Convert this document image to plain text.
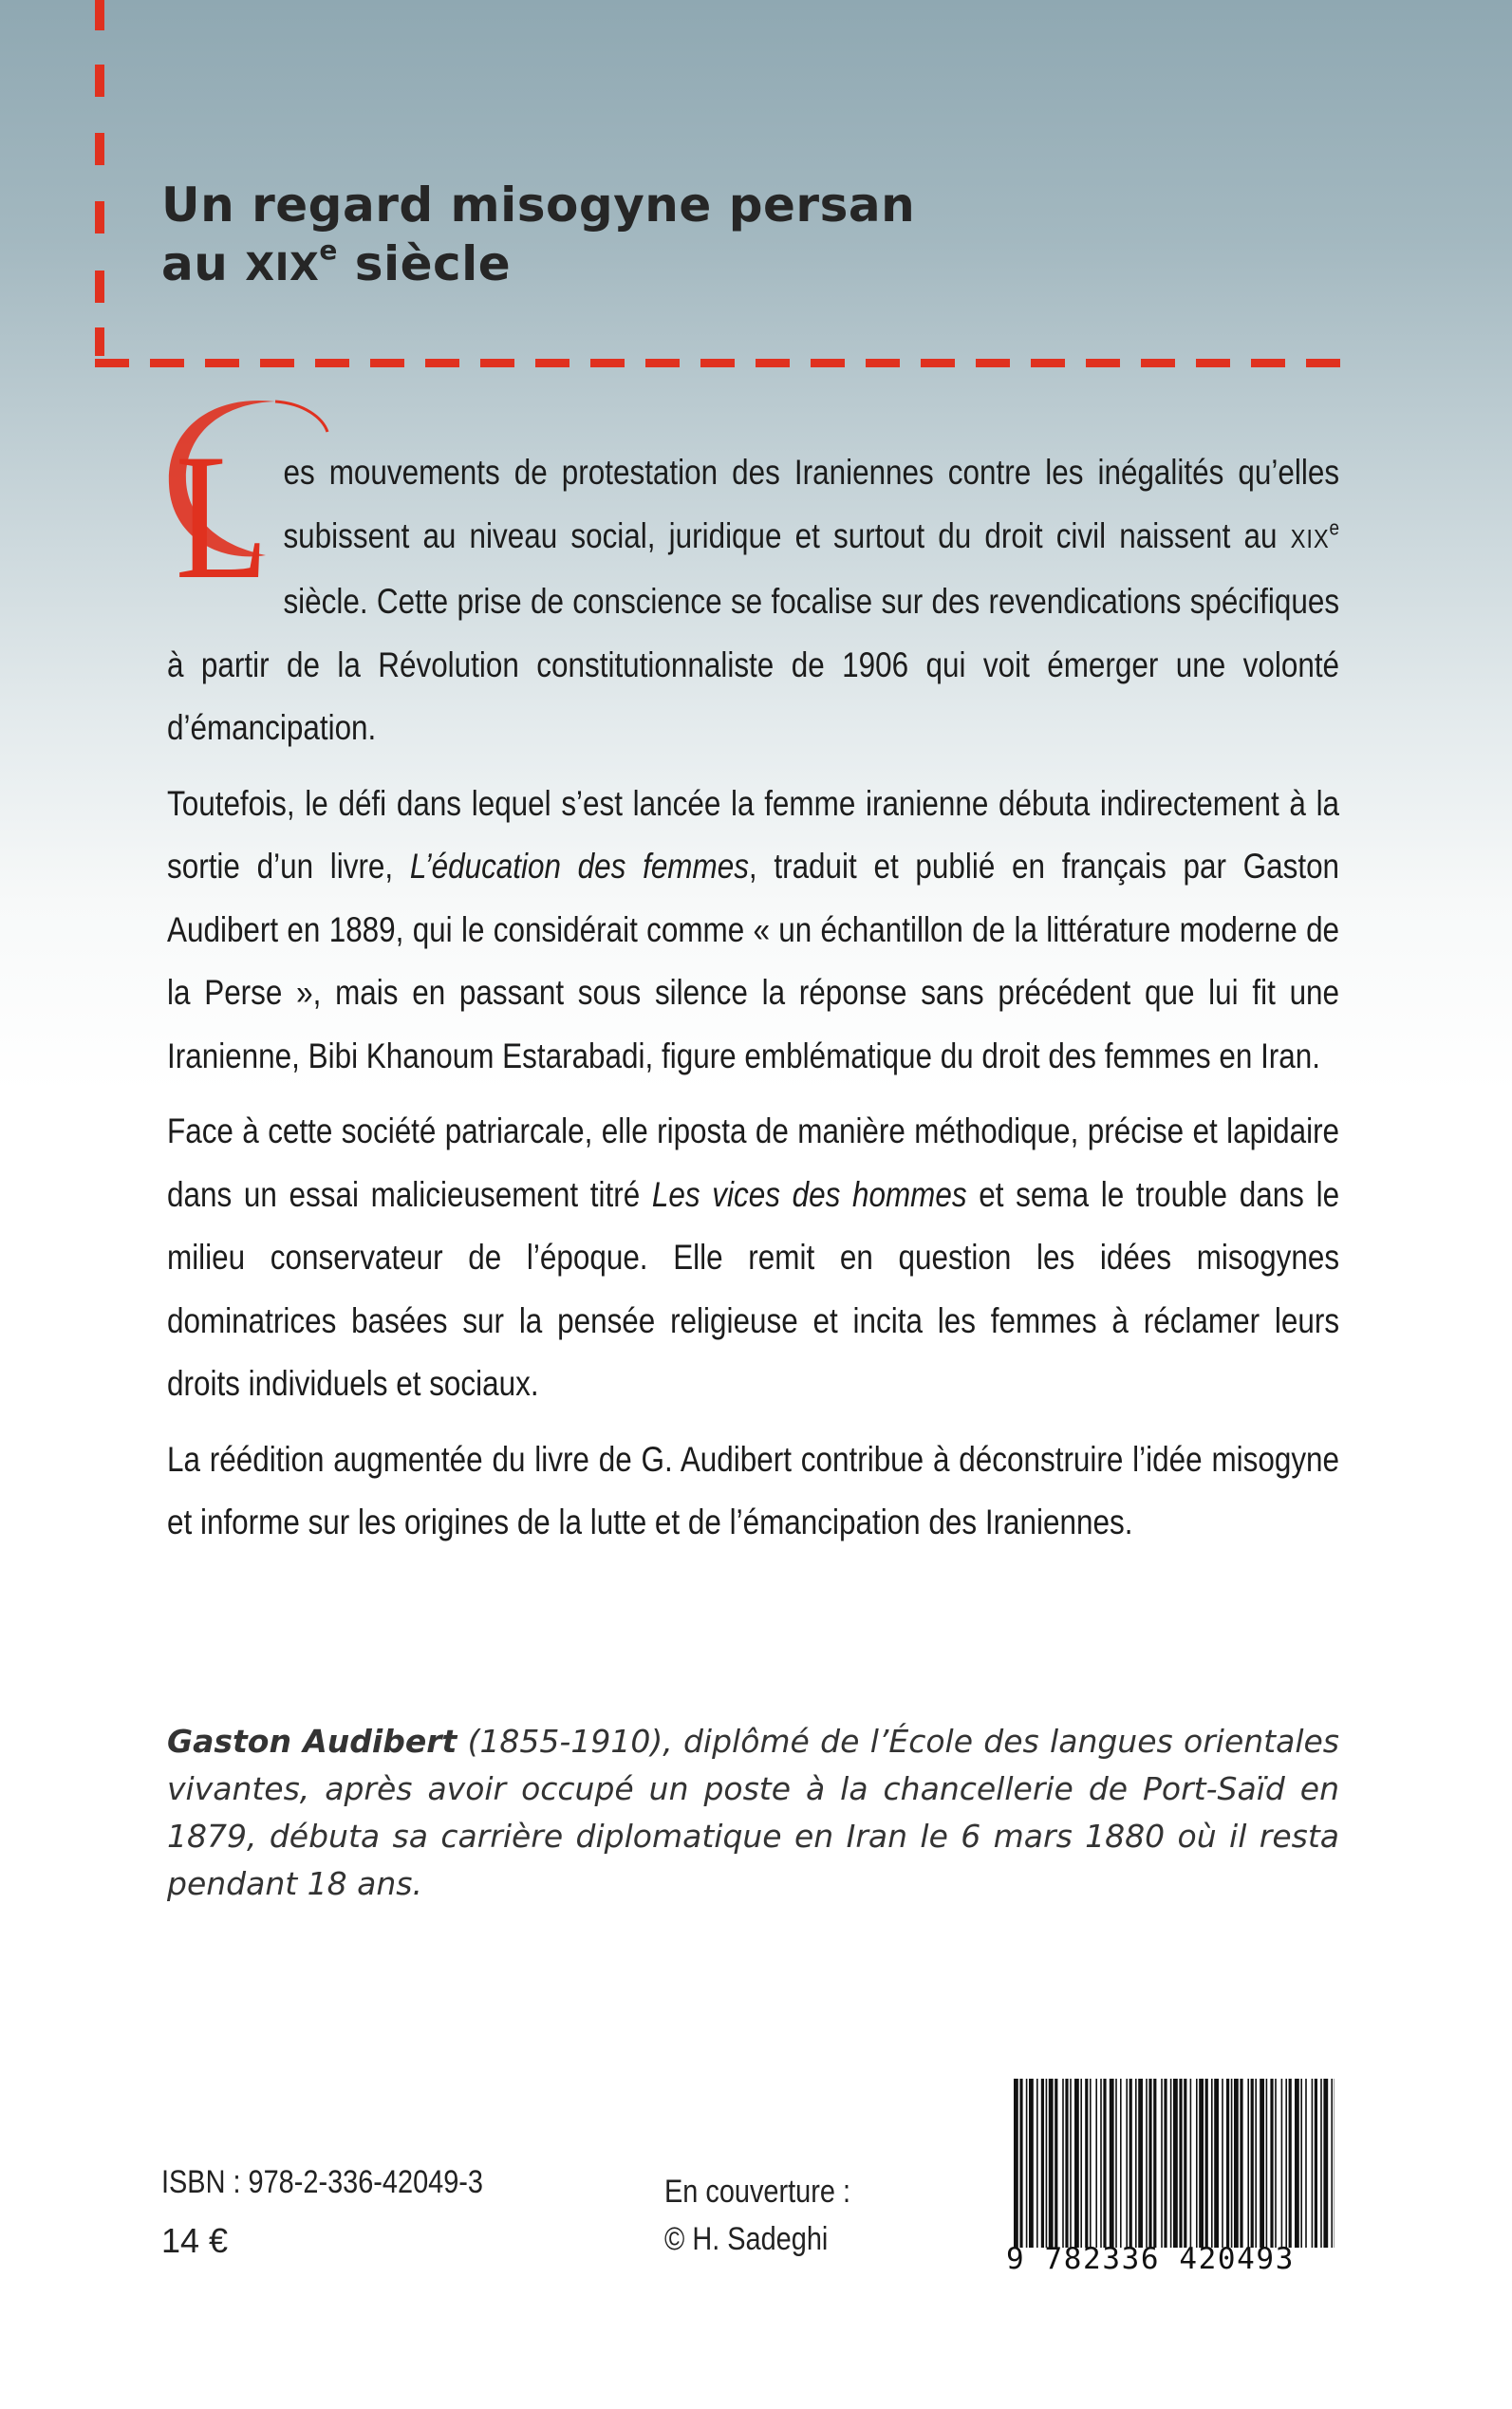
Un regard misogyne persan
au XIXe siècle

Les mouvements de protestation des Iraniennes contre les inégalités qu’elles subissent au niveau social, juridique et surtout du droit civil naissent au XIXe siècle. Cette prise de conscience se focalise sur des revendications spécifiques à partir de la Révolution constitutionnaliste de 1906 qui voit émerger une volonté d’émancipation.

Toutefois, le défi dans lequel s’est lancée la femme iranienne débuta indirectement à la sortie d’un livre, L’éducation des femmes, traduit et publié en français par Gaston Audibert en 1889, qui le considérait comme « un échantillon de la littérature moderne de la Perse », mais en passant sous silence la réponse sans précédent que lui fit une Iranienne, Bibi Khanoum Estarabadi, figure emblématique du droit des femmes en Iran.

Face à cette société patriarcale, elle riposta de manière méthodique, précise et lapidaire dans un essai malicieusement titré Les vices des hommes et sema le trouble dans le milieu conservateur de l’époque. Elle remit en question les idées misogynes dominatrices basées sur la pensée religieuse et incita les femmes à réclamer leurs droits individuels et sociaux.

La réédition augmentée du livre de G. Audibert contribue à déconstruire l’idée misogyne et informe sur les origines de la lutte et de l’émancipation des Iraniennes.

Gaston Audibert (1855-1910), diplômé de l’École des langues orientales vivantes, après avoir occupé un poste à la chancellerie de Port-Saïd en 1879, débuta sa carrière diplomatique en Iran le 6 mars 1880 où il resta pendant 18 ans.

ISBN : 978-2-336-42049-3
14 €
En couverture :
© H. Sadeghi
9 782336 420493
